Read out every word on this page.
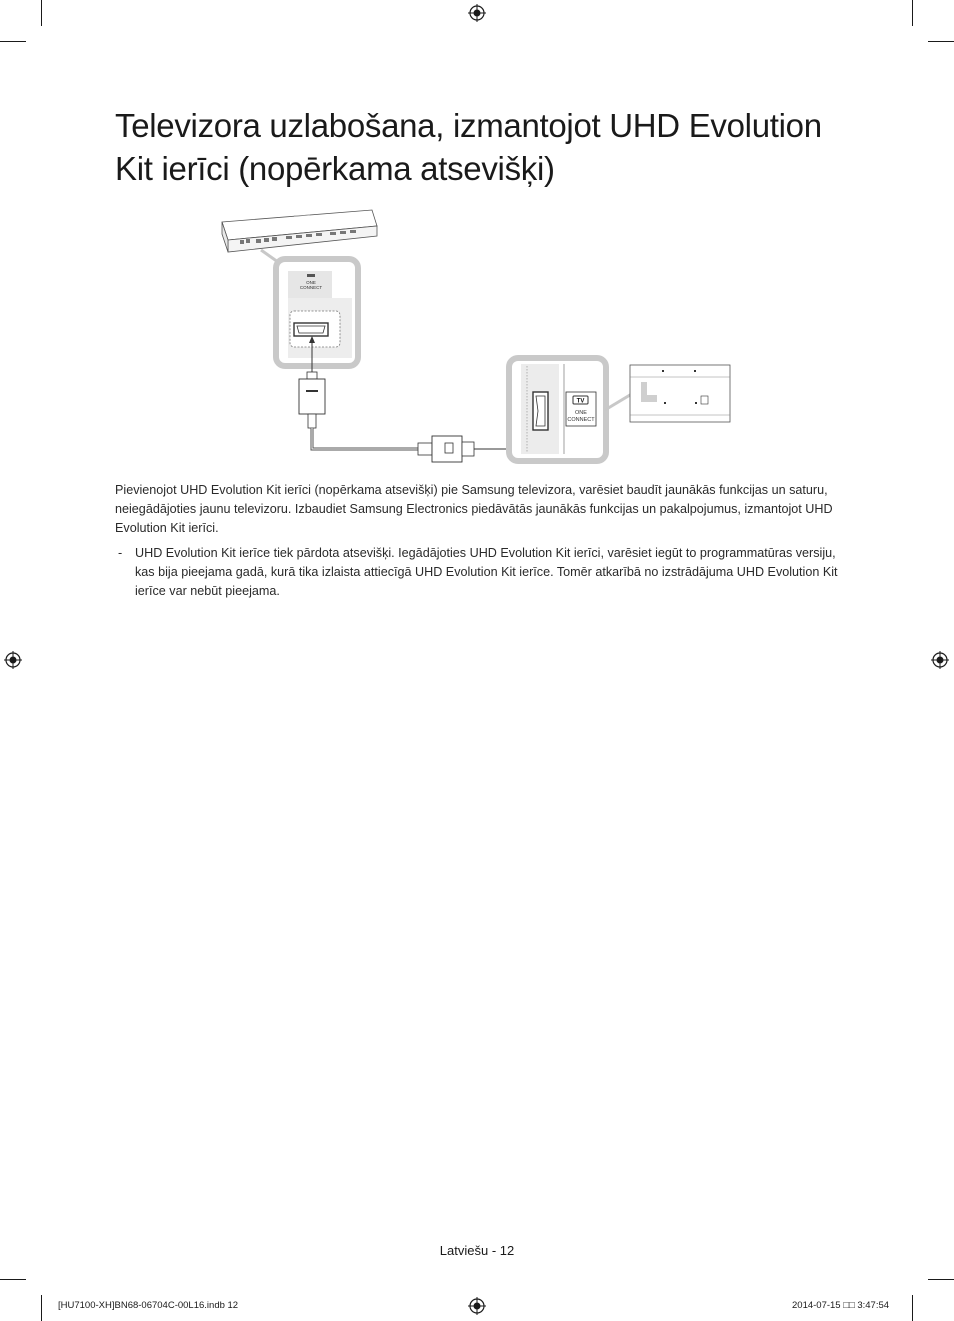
Televizora uzlabošana, izmantojot UHD Evolution
Kit ierīci (nopērkama atsevišķi)
ONE
CONNECT
TV
ONE
CONNECT

Pievienojot UHD Evolution Kit ierīci (nopērkama atsevišķi) pie Samsung televizora, varēsiet baudīt jaunākās funkcijas un saturu, neiegādājoties jaunu televizoru. Izbaudiet Samsung Electronics piedāvātās jaunākās funkcijas un pakalpojumus, izmantojot UHD Evolution Kit ierīci.

- UHD Evolution Kit ierīce tiek pārdota atsevišķi. Iegādājoties UHD Evolution Kit ierīci, varēsiet iegūt to programmatūras versiju, kas bija pieejama gadā, kurā tika izlaista attiecīgā UHD Evolution Kit ierīce. Tomēr atkarībā no izstrādājuma UHD Evolution Kit ierīce var nebūt pieejama.
Latviešu - 12
[HU7100-XH]BN68-06704C-00L16.indb 12	2014-07-15 □□ 3:47:54
